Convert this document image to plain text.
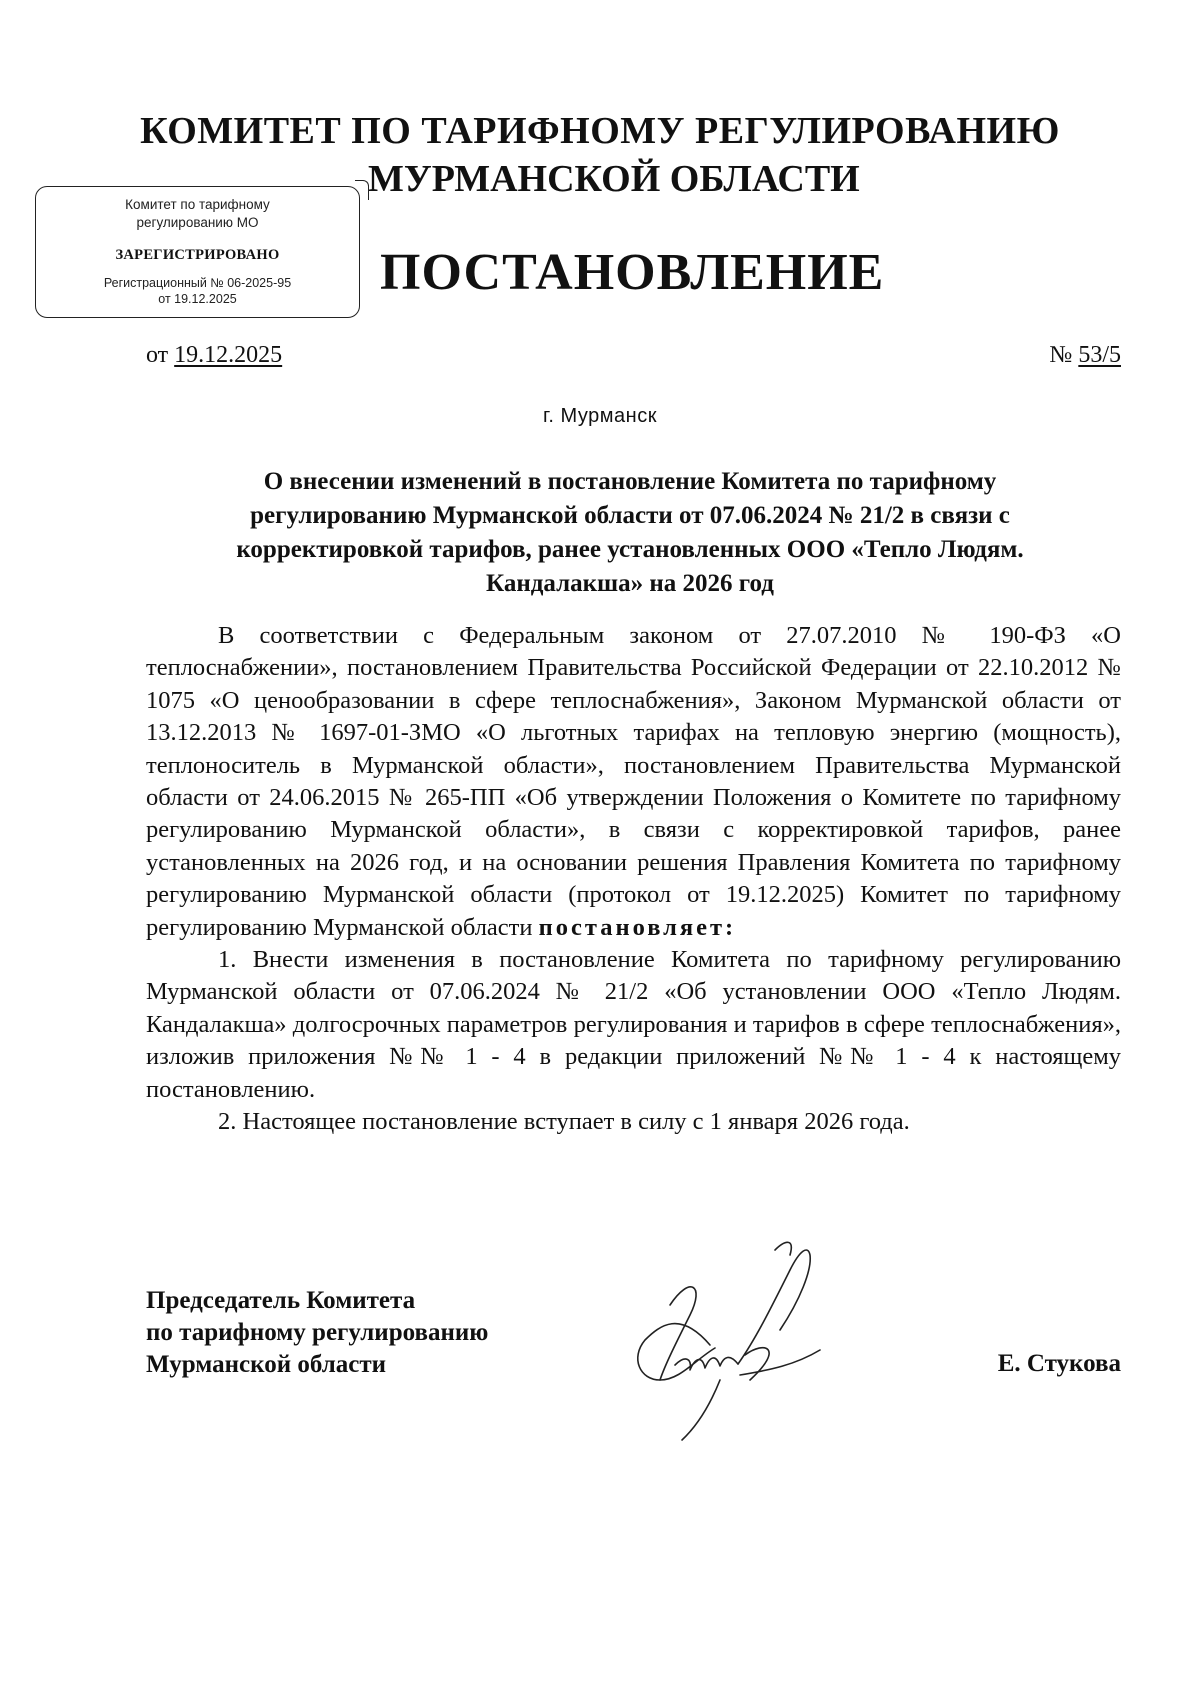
КОМИТЕТ ПО ТАРИФНОМУ РЕГУЛИРОВАНИЮ
МУРМАНСКОЙ ОБЛАСТИ
Комитет по тарифному
регулированию МО
ЗАРЕГИСТРИРОВАНО
Регистрационный № 06-2025-95
от 19.12.2025	ПОСТАНОВЛЕНИЕ
от 19.12.2025	№ 53/5
г. Мурманск
О внесении изменений в постановление Комитета по тарифному
регулированию Мурманской области от 07.06.2024 № 21/2 в связи с
корректировкой тарифов, ранее установленных ООО «Тепло Людям.
Кандалакша» на 2026 год

В соответствии с Федеральным законом от 27.07.2010 № 190-ФЗ «О теплоснабжении», постановлением Правительства Российской Федерации от 22.10.2012 № 1075 «О ценообразовании в сфере теплоснабжения», Законом Мурманской области от 13.12.2013 № 1697-01-ЗМО «О льготных тарифах на тепловую энергию (мощность), теплоноситель в Мурманской области», постановлением Правительства Мурманской области от 24.06.2015 № 265-ПП «Об утверждении Положения о Комитете по тарифному регулированию Мурманской области», в связи с корректировкой тарифов, ранее установленных на 2026 год, и на основании решения Правления Комитета по тарифному регулированию Мурманской области (протокол от 19.12.2025) Комитет по тарифному регулированию Мурманской области постановляет:

1. Внести изменения в постановление Комитета по тарифному регулированию Мурманской области от 07.06.2024 № 21/2 «Об установлении ООО «Тепло Людям. Кандалакша» долгосрочных параметров регулирования и тарифов в сфере теплоснабжения», изложив приложения №№ 1 - 4 в редакции приложений №№ 1 - 4 к настоящему постановлению.

2. Настоящее постановление вступает в силу с 1 января 2026 года.

Председатель Комитета
по тарифному регулированию
Мурманской области	Е. Стукова
